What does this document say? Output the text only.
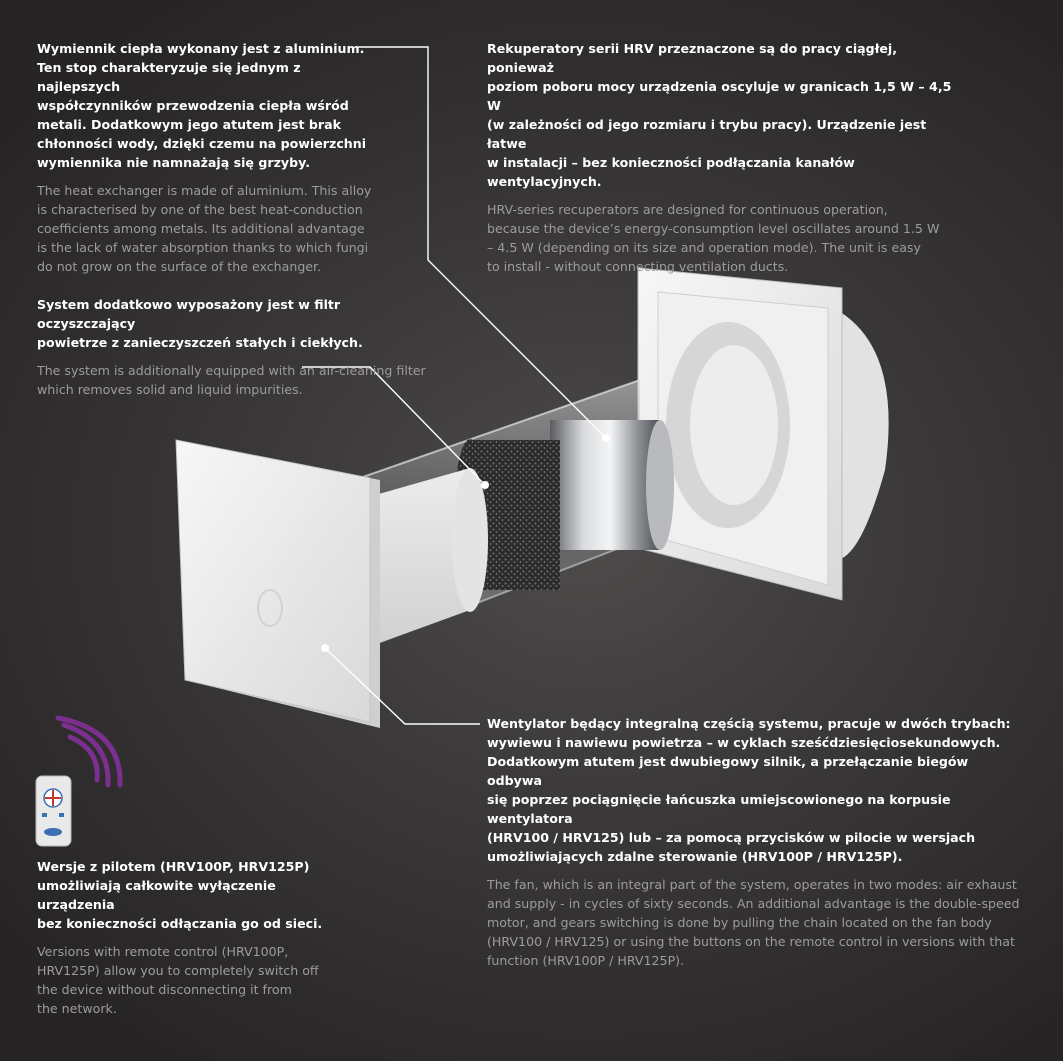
Wymiennik ciepła wykonany jest z aluminium.
Ten stop charakteryzuje się jednym z najlepszych
współczynników przewodzenia ciepła wśród
metali. Dodatkowym jego atutem jest brak
chłonności wody, dzięki czemu na powierzchni
wymiennika nie namnażają się grzyby.

The heat exchanger is made of aluminium. This alloy
is characterised by one of the best heat-conduction
coefficients among metals. Its additional advantage
is the lack of water absorption thanks to which fungi
do not grow on the surface of the exchanger.

Rekuperatory serii HRV przeznaczone są do pracy ciągłej, ponieważ
poziom poboru mocy urządzenia oscyluje w granicach 1,5 W – 4,5 W
(w zależności od jego rozmiaru i trybu pracy). Urządzenie jest łatwe
w instalacji – bez konieczności podłączania kanałów wentylacyjnych.

HRV-series recuperators are designed for continuous operation,
because the device’s energy-consumption level oscillates around 1.5 W
– 4.5 W (depending on its size and operation mode). The unit is easy
to install - without connecting ventilation ducts.

System dodatkowo wyposażony jest w filtr oczyszczający
powietrze z zanieczyszczeń stałych i ciekłych.

The system is additionally equipped with an air-cleaning filter
which removes solid and liquid impurities.

Wentylator będący integralną częścią systemu, pracuje w dwóch trybach:
wywiewu i nawiewu powietrza – w cyklach sześćdziesięciosekundowych.
Dodatkowym atutem jest dwubiegowy silnik, a przełączanie biegów odbywa
się poprzez pociągnięcie łańcuszka umiejscowionego na korpusie wentylatora
(HRV100 / HRV125) lub – za pomocą przycisków w pilocie w wersjach
umożliwiających zdalne sterowanie (HRV100P / HRV125P).

The fan, which is an integral part of the system, operates in two modes: air exhaust
and supply - in cycles of sixty seconds. An additional advantage is the double-speed
motor, and gears switching is done by pulling the chain located on the fan body
(HRV100 / HRV125) or using the buttons on the remote control in versions with that
function (HRV100P / HRV125P).

Wersje z pilotem (HRV100P, HRV125P)
umożliwiają całkowite wyłączenie urządzenia
bez konieczności odłączania go od sieci.

Versions with remote control (HRV100P,
HRV125P) allow you to completely switch off
the device without disconnecting it from
the network.
